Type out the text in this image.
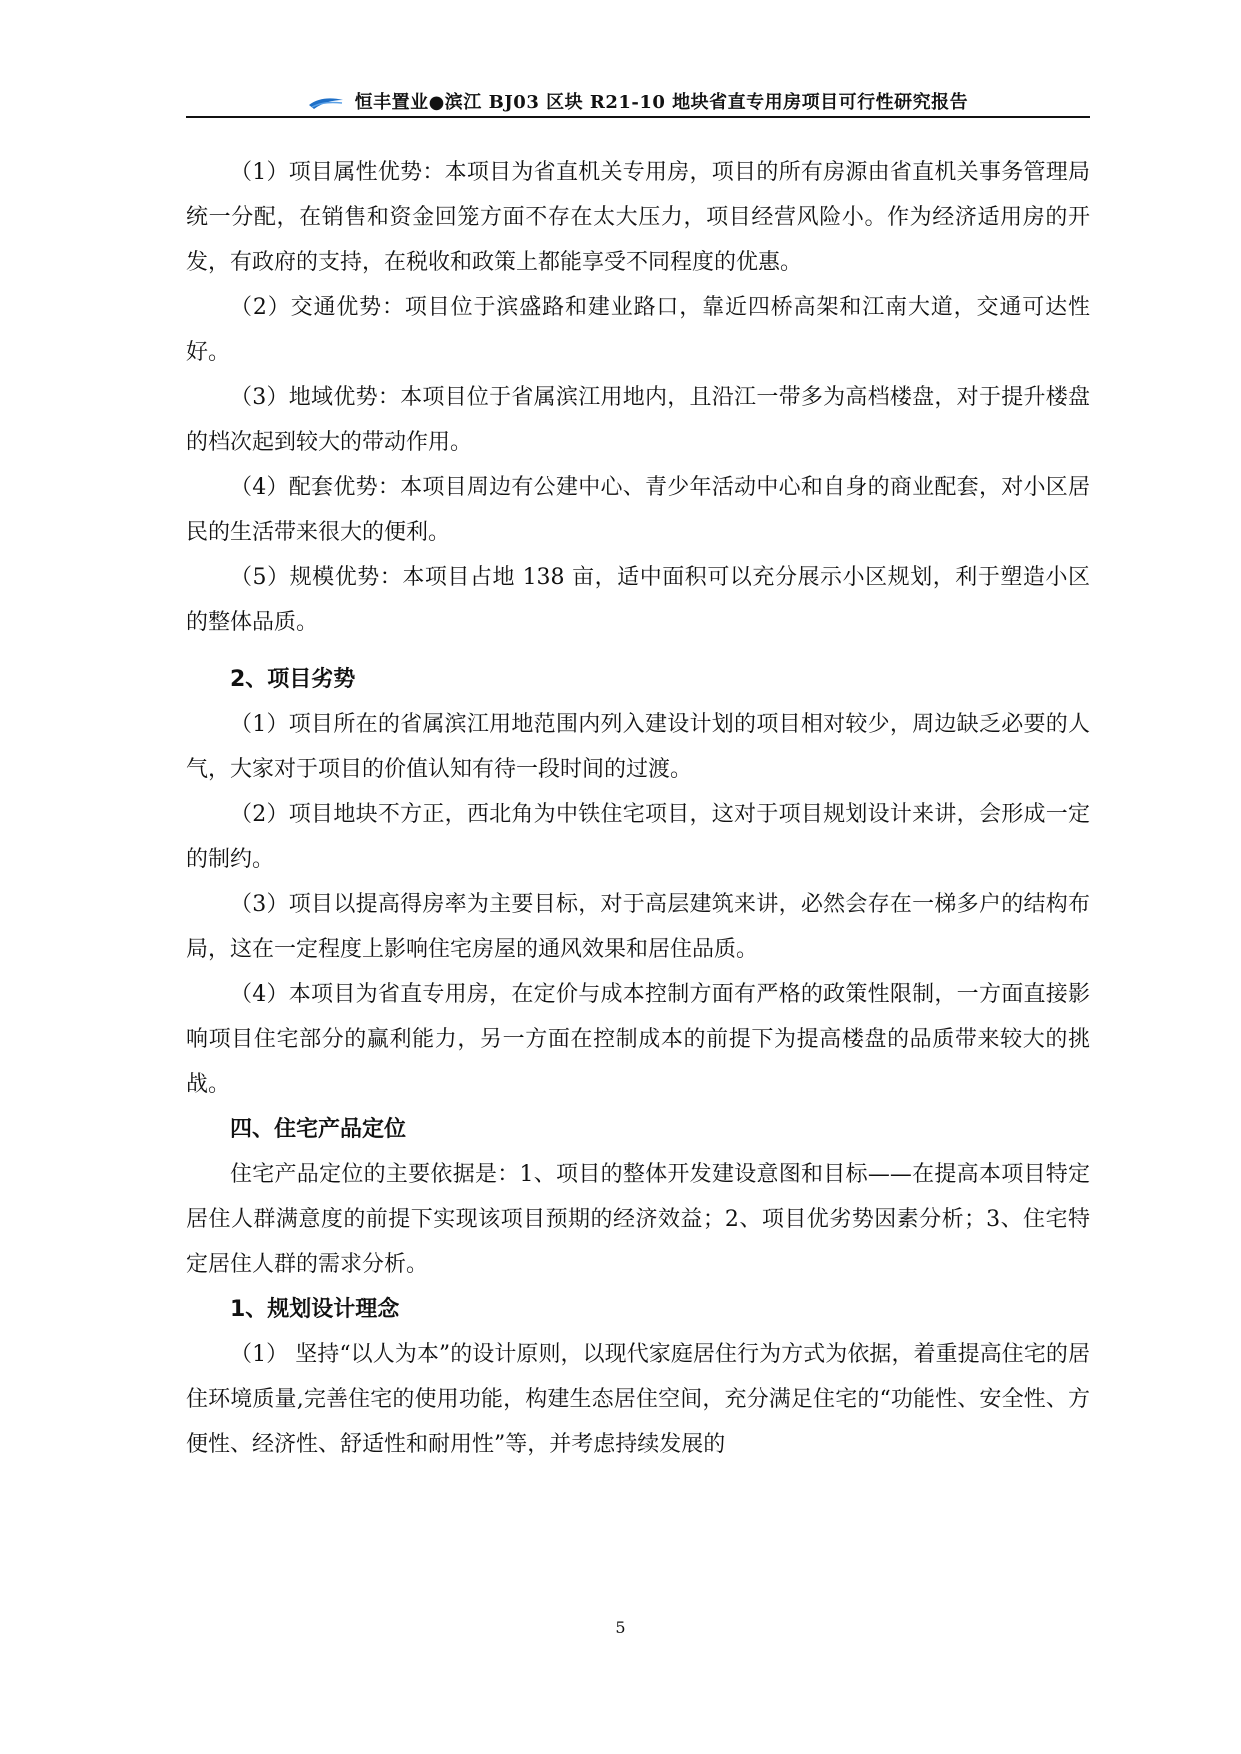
恒丰置业●滨江 BJ03 区块 R21-10 地块省直专用房项目可行性研究报告

（1）项目属性优势：本项目为省直机关专用房，项目的所有房源由省直机关事务管理局统一分配，在销售和资金回笼方面不存在太大压力，项目经营风险小。作为经济适用房的开发，有政府的支持，在税收和政策上都能享受不同程度的优惠。

（2）交通优势：项目位于滨盛路和建业路口，靠近四桥高架和江南大道，交通可达性好。

（3）地域优势：本项目位于省属滨江用地内，且沿江一带多为高档楼盘，对于提升楼盘的档次起到较大的带动作用。

（4）配套优势：本项目周边有公建中心、青少年活动中心和自身的商业配套，对小区居民的生活带来很大的便利。

（5）规模优势：本项目占地 138 亩，适中面积可以充分展示小区规划，利于塑造小区的整体品质。

2、项目劣势

（1）项目所在的省属滨江用地范围内列入建设计划的项目相对较少，周边缺乏必要的人气，大家对于项目的价值认知有待一段时间的过渡。

（2）项目地块不方正，西北角为中铁住宅项目，这对于项目规划设计来讲，会形成一定的制约。

（3）项目以提高得房率为主要目标，对于高层建筑来讲，必然会存在一梯多户的结构布局，这在一定程度上影响住宅房屋的通风效果和居住品质。

（4）本项目为省直专用房，在定价与成本控制方面有严格的政策性限制，一方面直接影响项目住宅部分的赢利能力，另一方面在控制成本的前提下为提高楼盘的品质带来较大的挑战。

四、住宅产品定位

住宅产品定位的主要依据是：1、项目的整体开发建设意图和目标——在提高本项目特定居住人群满意度的前提下实现该项目预期的经济效益；2、项目优劣势因素分析；3、住宅特定居住人群的需求分析。

1、规划设计理念

（1） 坚持“以人为本”的设计原则，以现代家庭居住行为方式为依据，着重提高住宅的居住环境质量,完善住宅的使用功能，构建生态居住空间，充分满足住宅的“功能性、安全性、方便性、经济性、舒适性和耐用性”等，并考虑持续发展的

5
